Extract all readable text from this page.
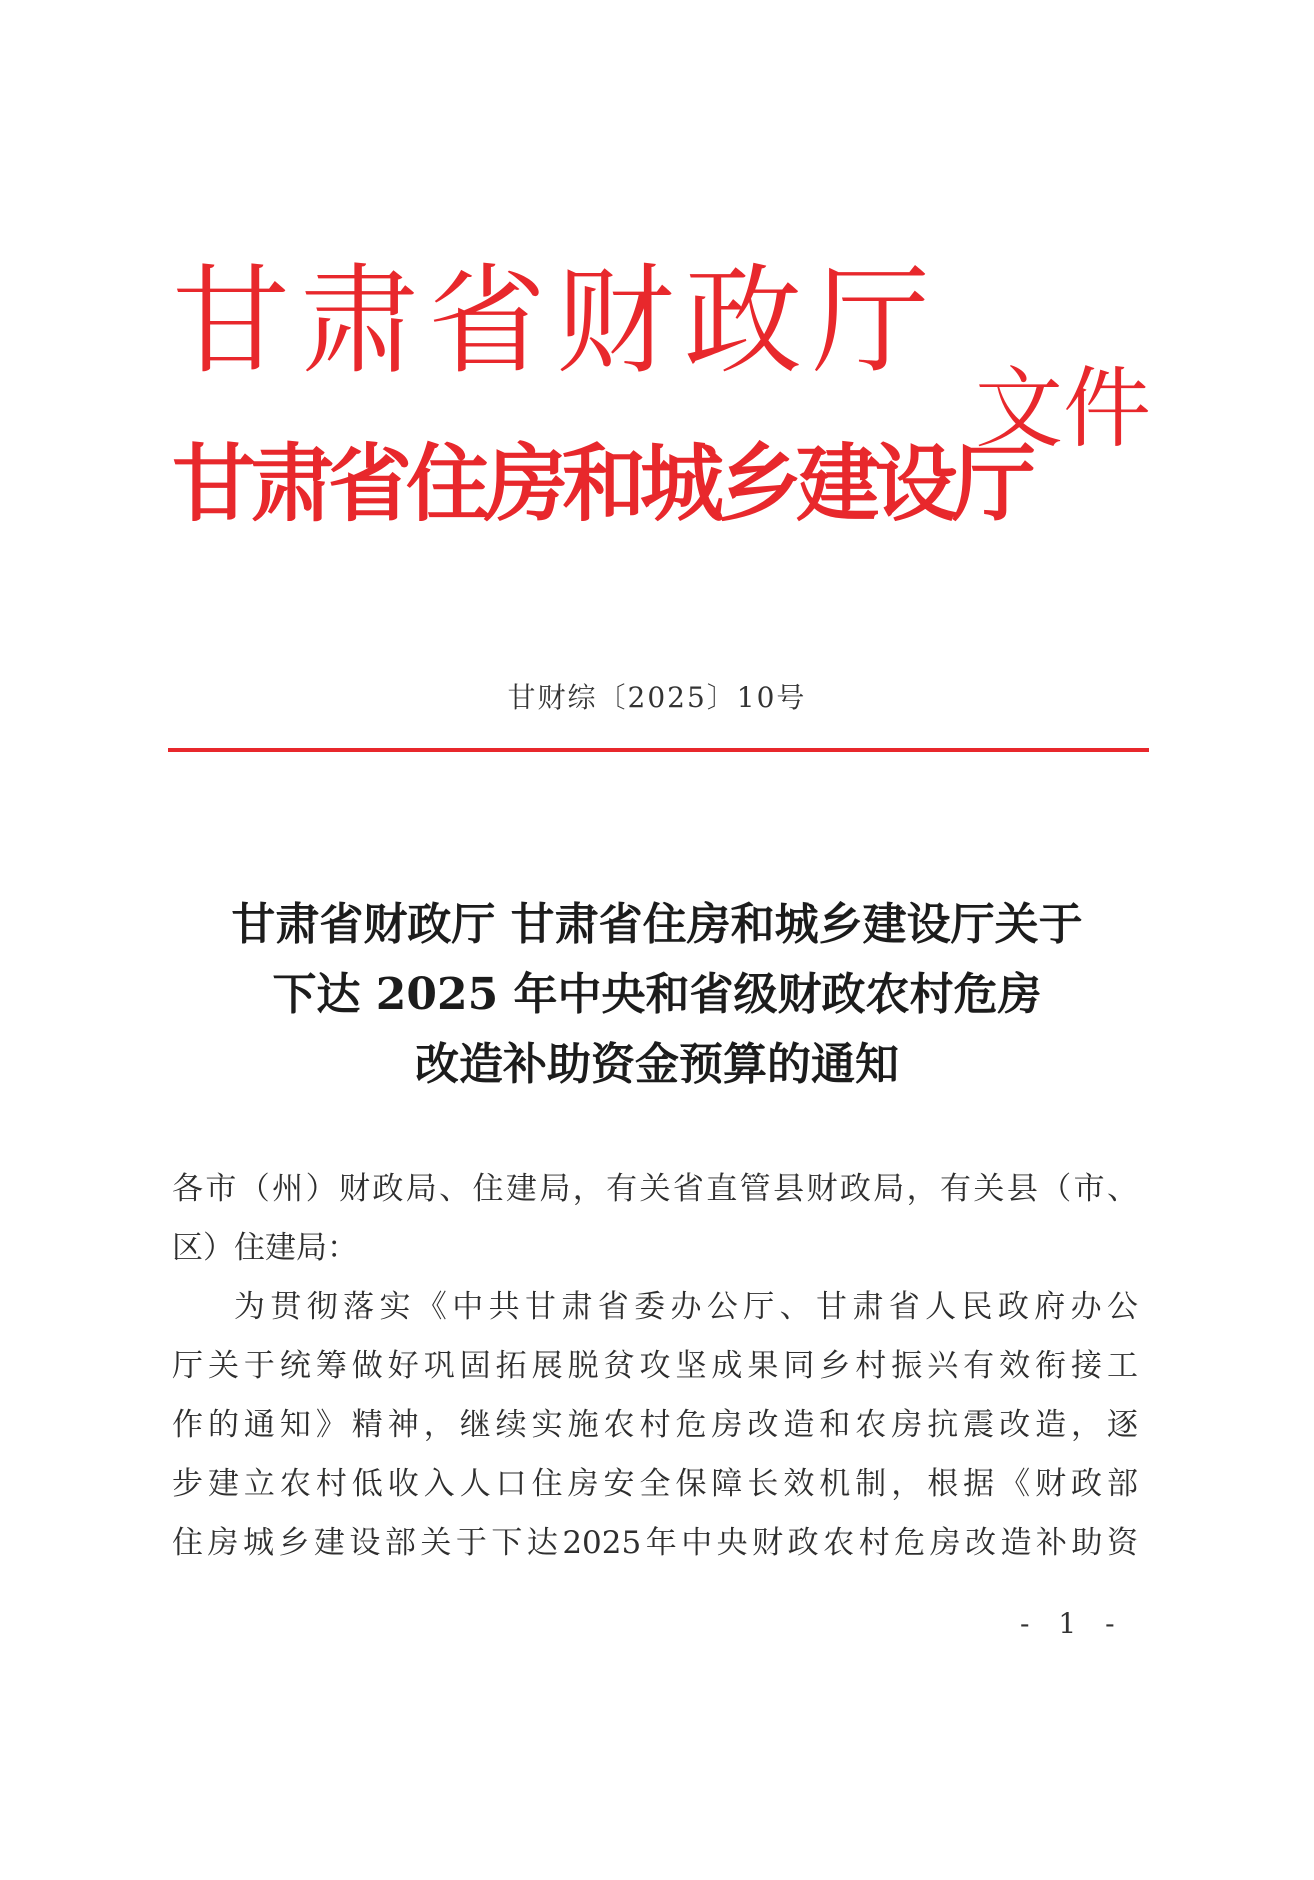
甘肃省财政厅
甘肃省住房和城乡建设厅
文件
甘财综〔2025〕10号
甘肃省财政厅 甘肃省住房和城乡建设厅关于
下达 2025 年中央和省级财政农村危房
改造补助资金预算的通知
各市（州）财政局、住建局，有关省直管县财政局，有关县（市、
区）住建局：
为贯彻落实《中共甘肃省委办公厅、甘肃省人民政府办公
厅关于统筹做好巩固拓展脱贫攻坚成果同乡村振兴有效衔接工
作的通知》精神，继续实施农村危房改造和农房抗震改造，逐
步建立农村低收入人口住房安全保障长效机制，根据《财政部
住房城乡建设部关于下达2025年中央财政农村危房改造补助资
- 1 -
